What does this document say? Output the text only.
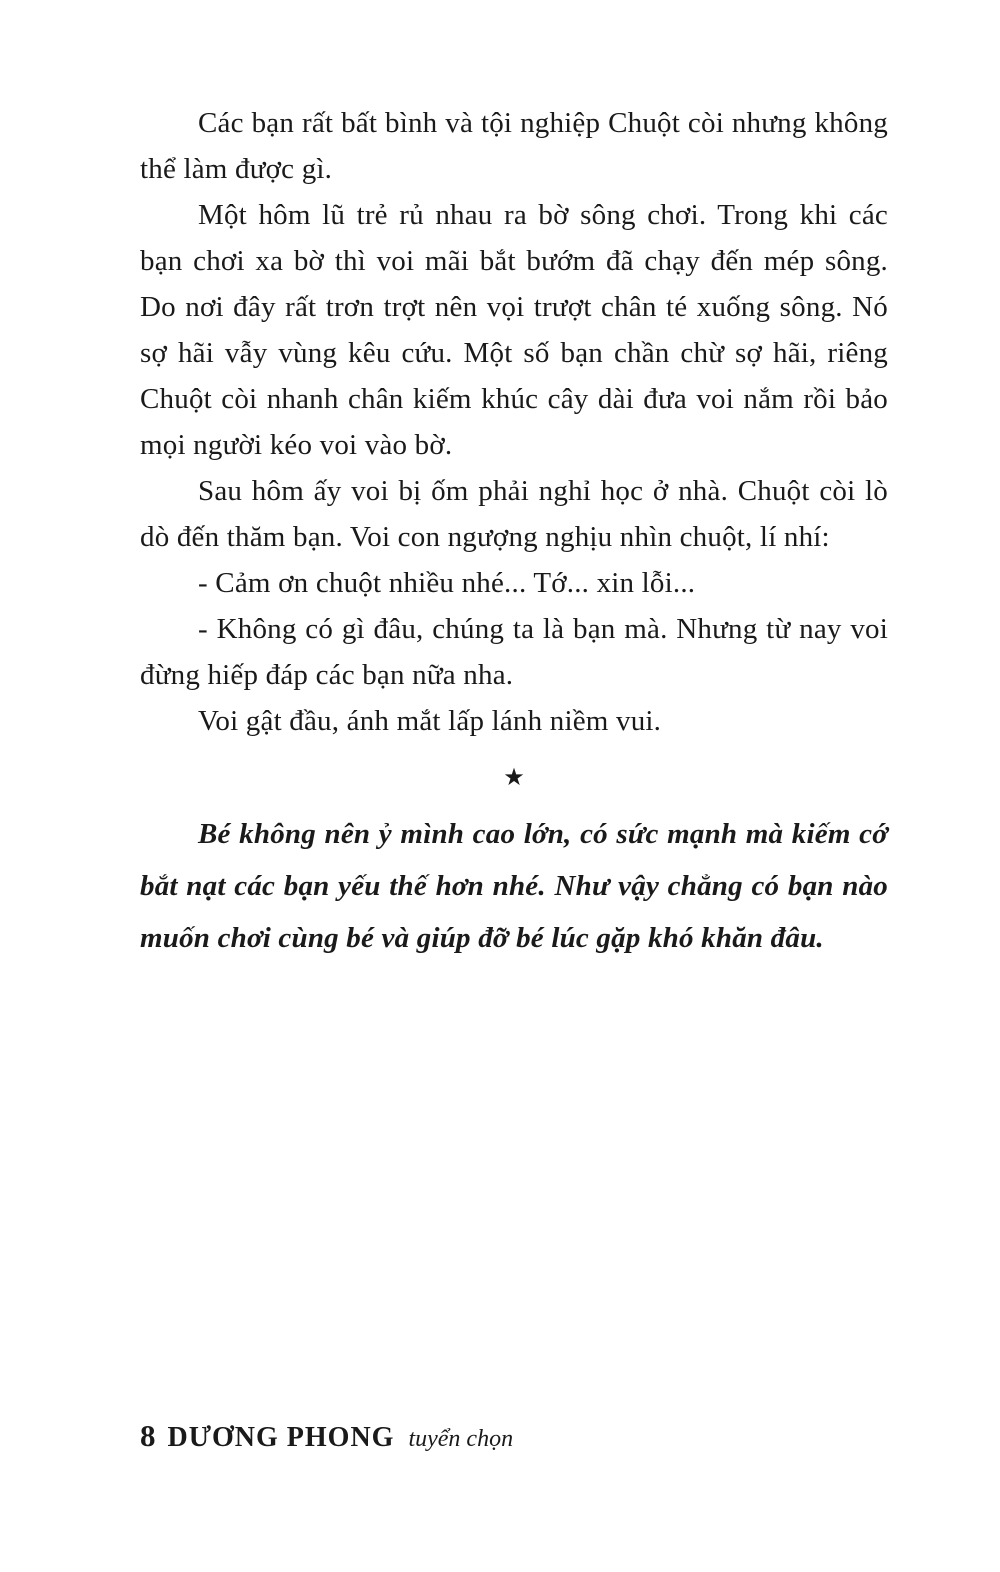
Các bạn rất bất bình và tội nghiệp Chuột còi nhưng không thể làm được gì.

Một hôm lũ trẻ rủ nhau ra bờ sông chơi. Trong khi các bạn chơi xa bờ thì voi mãi bắt bướm đã chạy đến mép sông. Do nơi đây rất trơn trợt nên vọi trượt chân té xuống sông. Nó sợ hãi vẫy vùng kêu cứu. Một số bạn chần chừ sợ hãi, riêng Chuột còi nhanh chân kiếm khúc cây dài đưa voi nắm rồi bảo mọi người kéo voi vào bờ.

Sau hôm ấy voi bị ốm phải nghỉ học ở nhà. Chuột còi lò dò đến thăm bạn. Voi con ngượng nghịu nhìn chuột, lí nhí:

- Cảm ơn chuột nhiều nhé... Tớ... xin lỗi...

- Không có gì đâu, chúng ta là bạn mà. Nhưng từ nay voi đừng hiếp đáp các bạn nữa nha.

Voi gật đầu, ánh mắt lấp lánh niềm vui.

★

Bé không nên ỷ mình cao lớn, có sức mạnh mà kiếm cớ bắt nạt các bạn yếu thế hơn nhé. Như vậy chẳng có bạn nào muốn chơi cùng bé và giúp đỡ bé lúc gặp khó khăn đâu.

8 DƯƠNG PHONG tuyển chọn
